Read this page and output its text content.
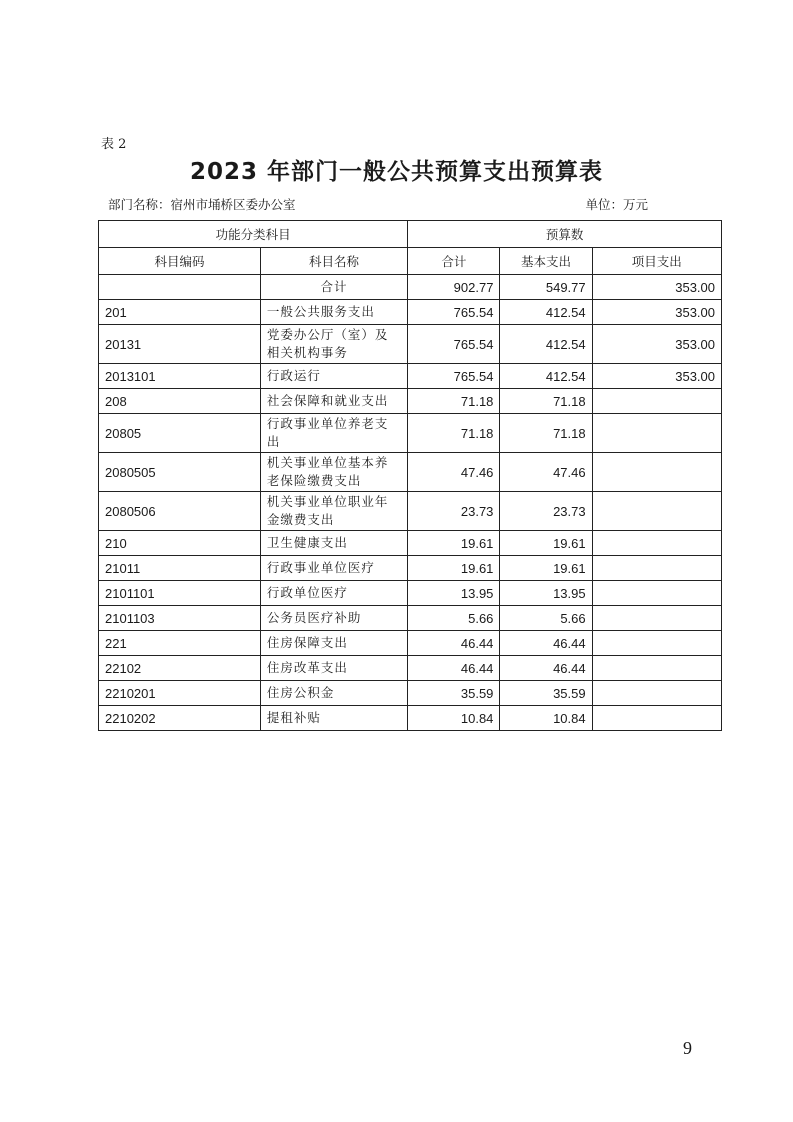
表 2
2023 年部门一般公共预算支出预算表
部门名称：宿州市埇桥区委办公室	单位：万元
功能分类科目		预算数		
科目编码	科目名称	合计	基本支出	项目支出
	合计	902.77	549.77	353.00
201	一般公共服务支出	765.54	412.54	353.00
20131	党委办公厅（室）及相关机构事务	765.54	412.54	353.00
2013101	行政运行	765.54	412.54	353.00
208	社会保障和就业支出	71.18	71.18	
20805	行政事业单位养老支出	71.18	71.18	
2080505	机关事业单位基本养老保险缴费支出	47.46	47.46	
2080506	机关事业单位职业年金缴费支出	23.73	23.73	
210	卫生健康支出	19.61	19.61	
21011	行政事业单位医疗	19.61	19.61	
2101101	行政单位医疗	13.95	13.95	
2101103	公务员医疗补助	5.66	5.66	
221	住房保障支出	46.44	46.44	
22102	住房改革支出	46.44	46.44	
2210201	住房公积金	35.59	35.59	
2210202	提租补贴	10.84	10.84	
9
